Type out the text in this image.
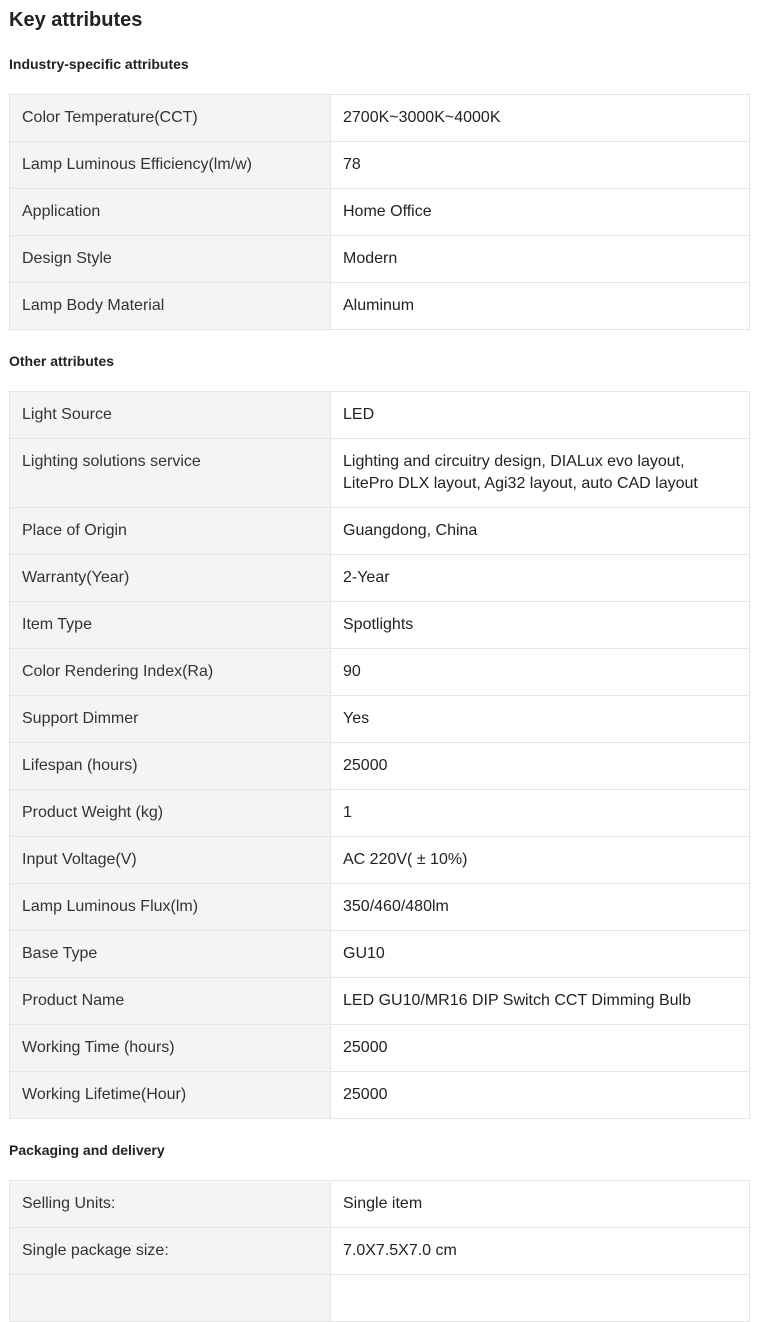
Key attributes
Industry-specific attributes
Color Temperature(CCT)	2700K~3000K~4000K
Lamp Luminous Efficiency(lm/w)	78
Application	Home Office
Design Style	Modern
Lamp Body Material	Aluminum
Other attributes
Light Source	LED
Lighting solutions service	Lighting and circuitry design, DIALux evo layout, LitePro DLX layout, Agi32 layout, auto CAD layout
Place of Origin	Guangdong, China
Warranty(Year)	2-Year
Item Type	Spotlights
Color Rendering Index(Ra)	90
Support Dimmer	Yes
Lifespan (hours)	25000
Product Weight (kg)	1
Input Voltage(V)	AC 220V( ± 10%)
Lamp Luminous Flux(lm)	350/460/480lm
Base Type	GU10
Product Name	LED GU10/MR16 DIP Switch CCT Dimming Bulb
Working Time (hours)	25000
Working Lifetime(Hour)	25000
Packaging and delivery
Selling Units:	Single item
Single package size:	7.0X7.5X7.0 cm
